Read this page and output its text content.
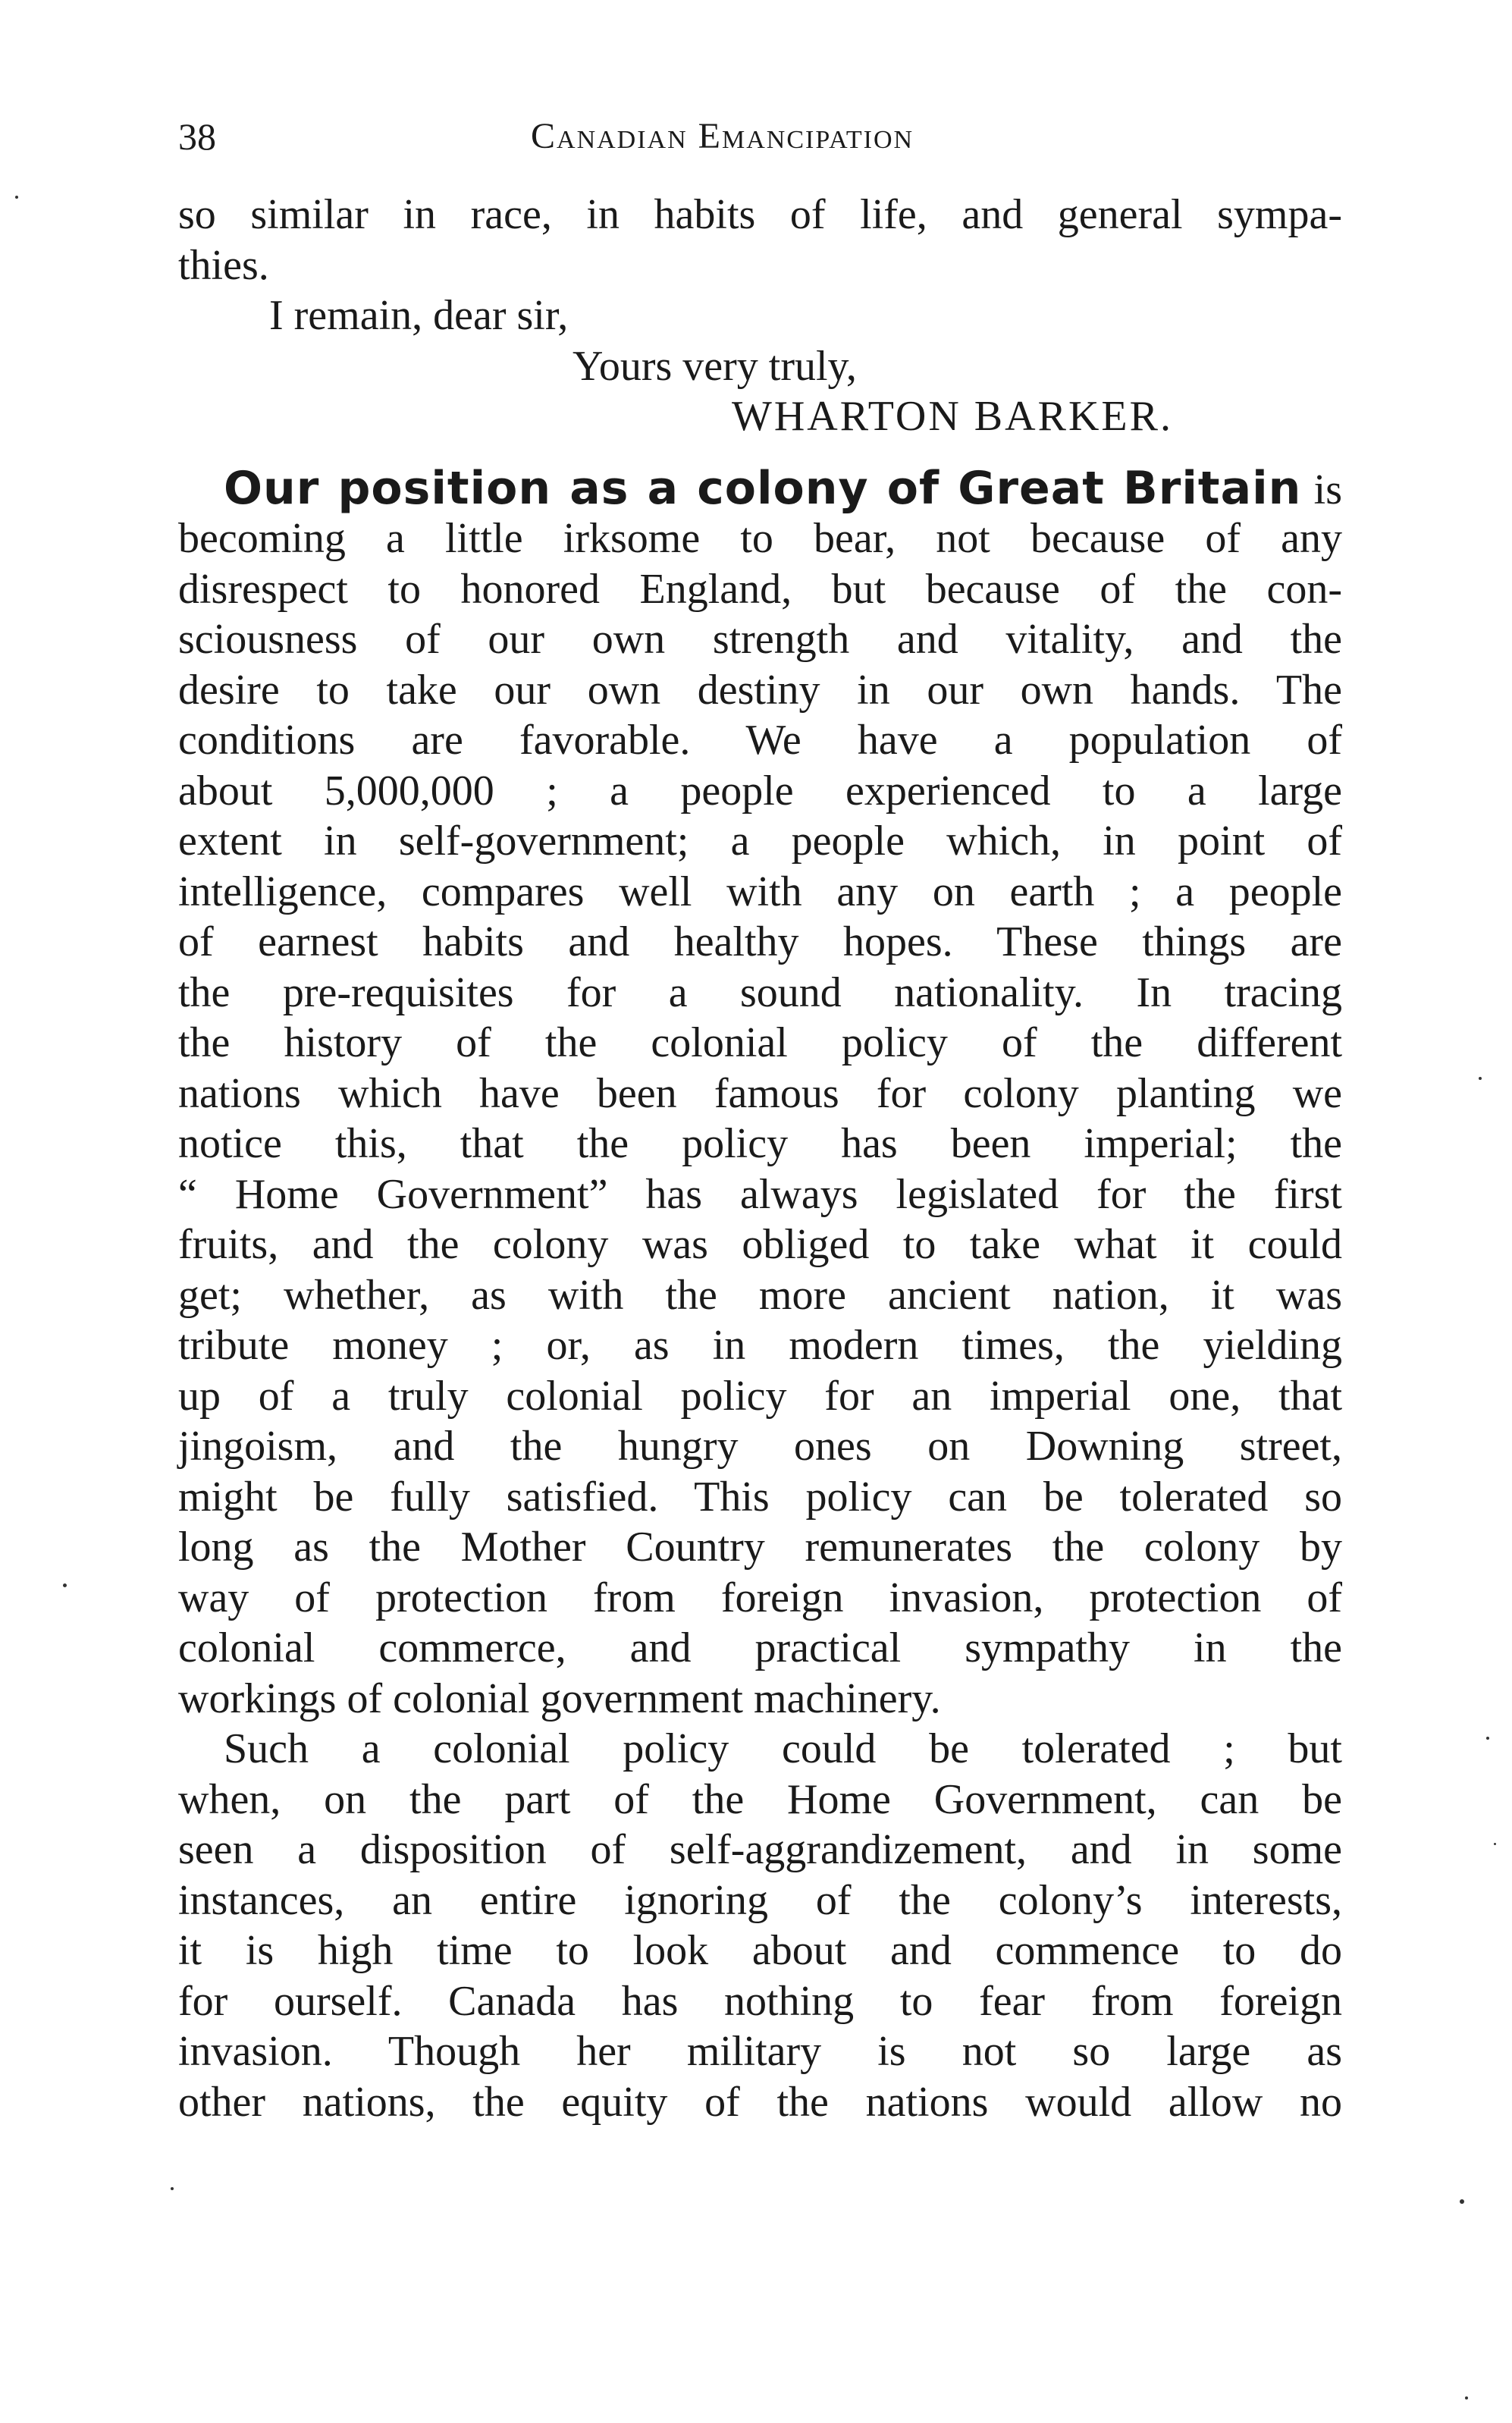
38	Canadian Emancipation
so similar in race, in habits of life, and general sympa-
thies.
I remain, dear sir,
Yours very truly,
WHARTON BARKER.
Our position as a colony of Great Britain is
becoming a little irksome to bear, not because of any
disrespect to honored England, but because of the con-
sciousness of our own strength and vitality, and the
desire to take our own destiny in our own hands. The
conditions are favorable. We have a population of
about 5,000,000 ; a people experienced to a large
extent in self-government; a people which, in point of
intelligence, compares well with any on earth ; a people
of earnest habits and healthy hopes. These things are
the pre-requisites for a sound nationality. In tracing
the history of the colonial policy of the different
nations which have been famous for colony planting we
notice this, that the policy has been imperial; the
“ Home Government” has always legislated for the first
fruits, and the colony was obliged to take what it could
get; whether, as with the more ancient nation, it was
tribute money ; or, as in modern times, the yielding
up of a truly colonial policy for an imperial one, that
jingoism, and the hungry ones on Downing street,
might be fully satisfied. This policy can be tolerated so
long as the Mother Country remunerates the colony by
way of protection from foreign invasion, protection of
colonial commerce, and practical sympathy in the
workings of colonial government machinery.
Such a colonial policy could be tolerated ; but
when, on the part of the Home Government, can be
seen a disposition of self-aggrandizement, and in some
instances, an entire ignoring of the colony’s interests,
it is high time to look about and commence to do
for ourself. Canada has nothing to fear from foreign
invasion. Though her military is not so large as
other nations, the equity of the nations would allow no
